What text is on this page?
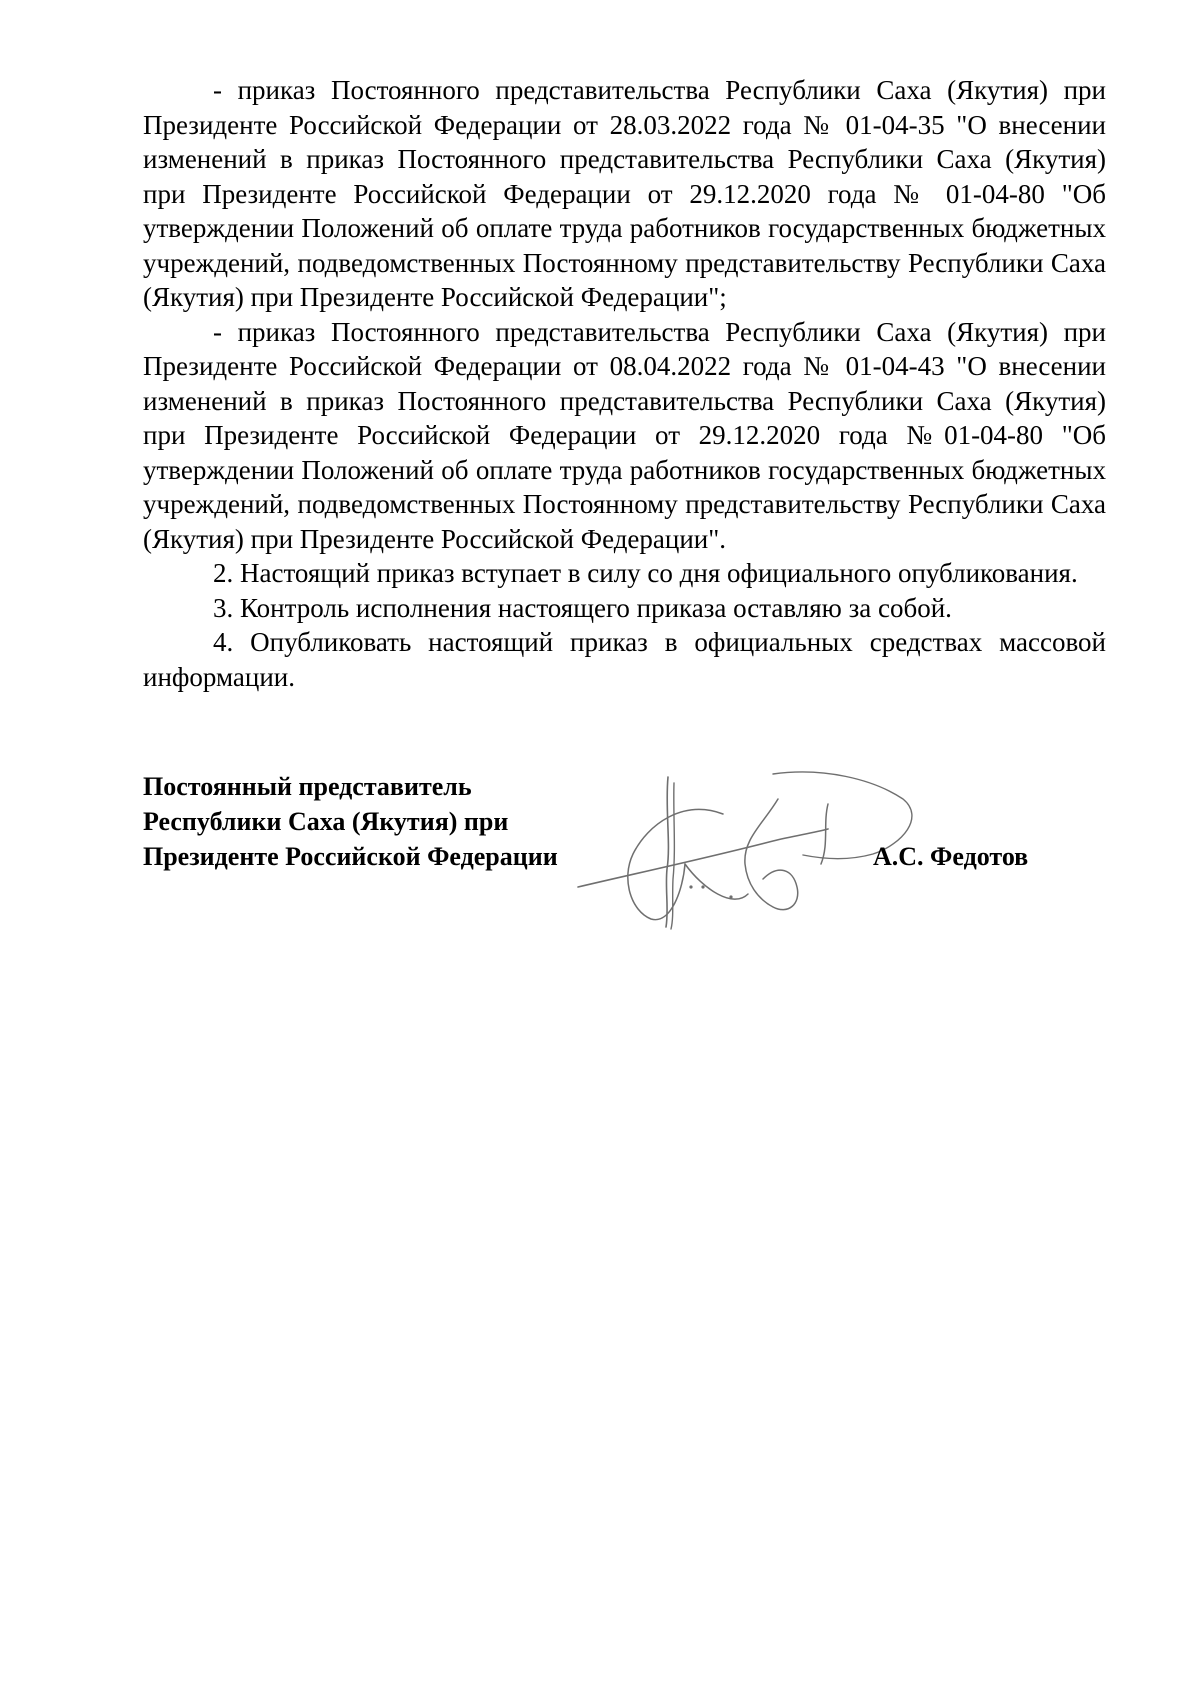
- приказ Постоянного представительства Республики Саха (Якутия) при Президенте Российской Федерации от 28.03.2022 года № 01-04-35 "О внесении изменений в приказ Постоянного представительства Республики Саха (Якутия) при Президенте Российской Федерации от 29.12.2020 года № 01-04-80 "Об утверждении Положений об оплате труда работников государственных бюджетных учреждений, подведомственных Постоянному представительству Республики Саха (Якутия) при Президенте Российской Федерации";

- приказ Постоянного представительства Республики Саха (Якутия) при Президенте Российской Федерации от 08.04.2022 года № 01-04-43 "О внесении изменений в приказ Постоянного представительства Республики Саха (Якутия) при Президенте Российской Федерации от 29.12.2020 года №01-04-80 "Об утверждении Положений об оплате труда работников государственных бюджетных учреждений, подведомственных Постоянному представительству Республики Саха (Якутия) при Президенте Российской Федерации".

2. Настоящий приказ вступает в силу со дня официального опубликования.

3. Контроль исполнения настоящего приказа оставляю за собой.

4. Опубликовать настоящий приказ в официальных средствах массовой информации.

Постоянный представитель
Республики Саха (Якутия) при
Президенте Российской Федерации	А.С. Федотов
